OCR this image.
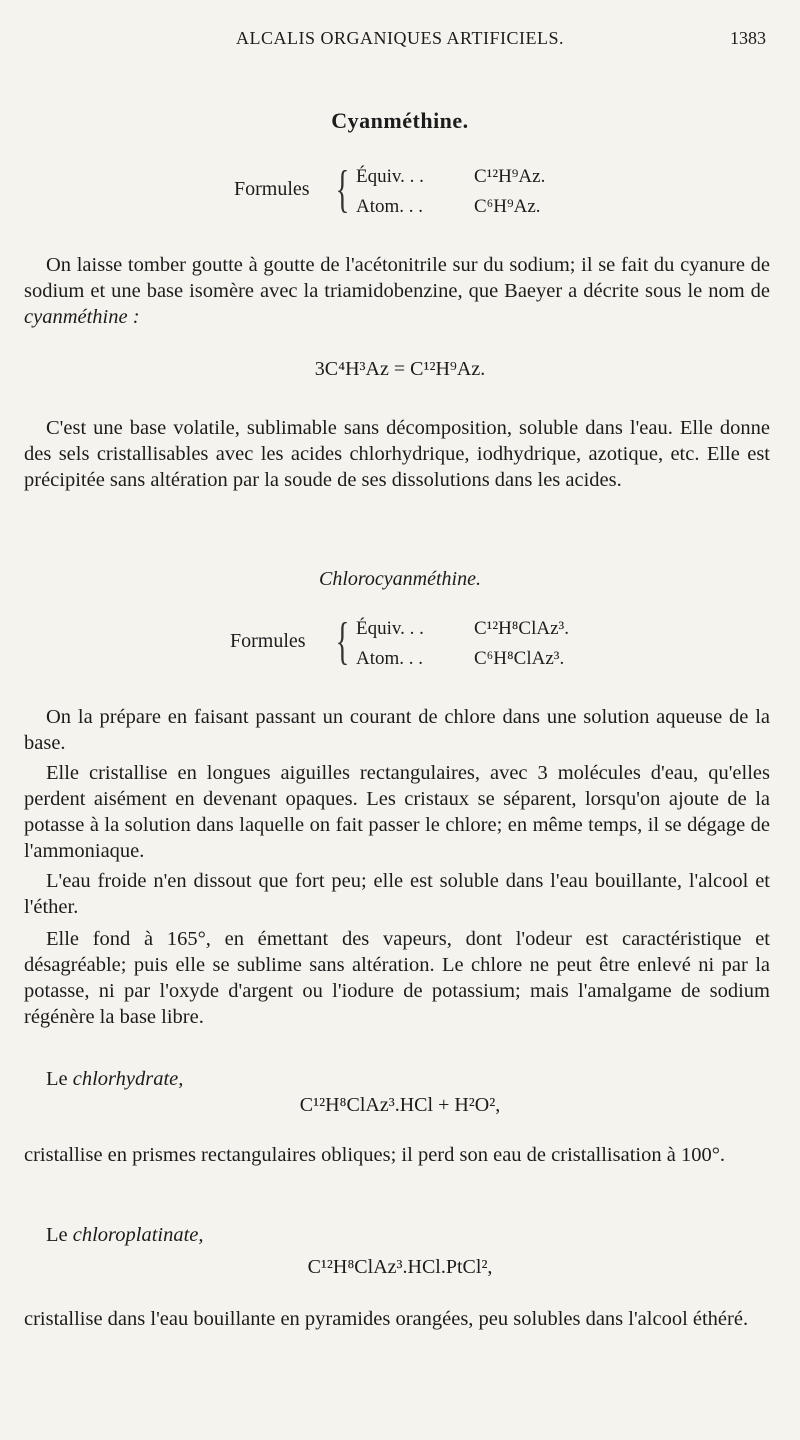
ALCALIS ORGANIQUES ARTIFICIELS.	1383
Cyanméthine.
Formules { Équiv. . .	C¹²H⁹Az.
Atom. . .	C⁶H⁹Az.

On laisse tomber goutte à goutte de l'acétonitrile sur du sodium; il se fait du cyanure de sodium et une base isomère avec la triamidobenzine, que Baeyer a décrite sous le nom de cyanméthine :

3C⁴H³Az = C¹²H⁹Az.

C'est une base volatile, sublimable sans décomposition, soluble dans l'eau. Elle donne des sels cristallisables avec les acides chlorhydrique, iodhydrique, azotique, etc. Elle est précipitée sans altération par la soude de ses dissolutions dans les acides.

Chlorocyanméthine.
Formules { Équiv. . .	C¹²H⁸ClAz³.
Atom. . .	C⁶H⁸ClAz³.

On la prépare en faisant passant un courant de chlore dans une solution aqueuse de la base.

Elle cristallise en longues aiguilles rectangulaires, avec 3 molécules d'eau, qu'elles perdent aisément en devenant opaques. Les cristaux se séparent, lorsqu'on ajoute de la potasse à la solution dans laquelle on fait passer le chlore; en même temps, il se dégage de l'ammoniaque.

L'eau froide n'en dissout que fort peu; elle est soluble dans l'eau bouillante, l'alcool et l'éther.

Elle fond à 165°, en émettant des vapeurs, dont l'odeur est caractéristique et désagréable; puis elle se sublime sans altération. Le chlore ne peut être enlevé ni par la potasse, ni par l'oxyde d'argent ou l'iodure de potassium; mais l'amalgame de sodium régénère la base libre.

Le chlorhydrate,

C¹²H⁸ClAz³.HCl + H²O²,

cristallise en prismes rectangulaires obliques; il perd son eau de cristallisation à 100°.

Le chloroplatinate,

C¹²H⁸ClAz³.HCl.PtCl²,

cristallise dans l'eau bouillante en pyramides orangées, peu solubles dans l'alcool éthéré.
